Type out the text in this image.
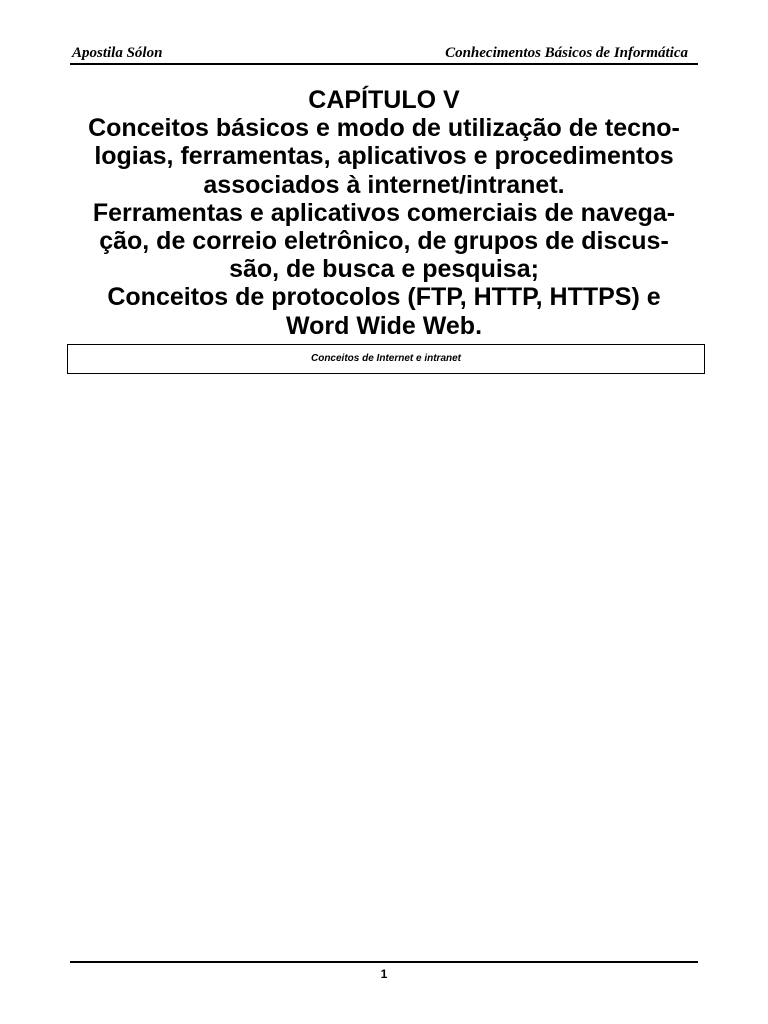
Apostila Sólon	Conhecimentos Básicos de Informática
CAPÍTULO V
Conceitos básicos e modo de utilização de tecno-
logias, ferramentas, aplicativos e procedimentos
associados à internet/intranet.
Ferramentas e aplicativos comerciais de navega-
ção, de correio eletrônico, de grupos de discus-
são, de busca e pesquisa;
Conceitos de protocolos (FTP, HTTP, HTTPS) e
Word Wide Web.
Conceitos de Internet e intranet
1
